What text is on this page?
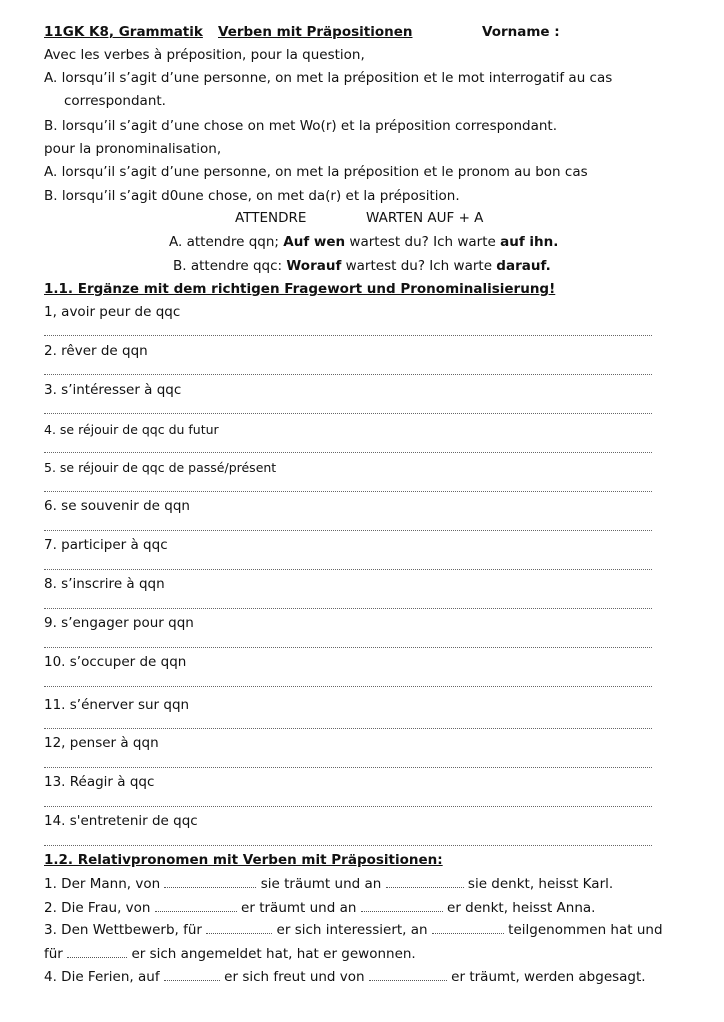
11GK K8, Grammatik Verben mit Präpositionen	Vorname :
Avec les verbes à préposition, pour la question,
A. lorsqu’il s’agit d’une personne, on met la préposition et le mot interrogatif au cas
correspondant.
B. lorsqu’il s’agit d’une chose on met Wo(r) et la préposition correspondant.
pour la pronominalisation,
A. lorsqu’il s’agit d’une personne, on met la préposition et le pronom au bon cas
B. lorsqu’il s’agit d0une chose, on met da(r) et la préposition.
ATTENDRE	WARTEN AUF + A
A. attendre qqn; Auf wen wartest du? Ich warte auf ihn.
B. attendre qqc: Worauf wartest du? Ich warte darauf.
1.1. Ergänze mit dem richtigen Fragewort und Pronominalisierung!
1, avoir peur de qqc
2. rêver de qqn
3. s’intéresser à qqc
4. se réjouir de qqc du futur
5. se réjouir de qqc de passé/présent
6. se souvenir de qqn
7. participer à qqc
8. s’inscrire à qqn
9. s’engager pour qqn
10. s’occuper de qqn
11. s’énerver sur qqn
12, penser à qqn
13. Réagir à qqc
14. s'entretenir de qqc
1.2. Relativpronomen mit Verben mit Präpositionen:
1. Der Mann, von	sie träumt und an	sie denkt, heisst Karl.
2. Die Frau, von	er träumt und an	er denkt, heisst Anna.
3. Den Wettbewerb, für	er sich interessiert, an	teilgenommen hat und
für	er sich angemeldet hat, hat er gewonnen.
4. Die Ferien, auf	er sich freut und von	er träumt, werden abgesagt.
